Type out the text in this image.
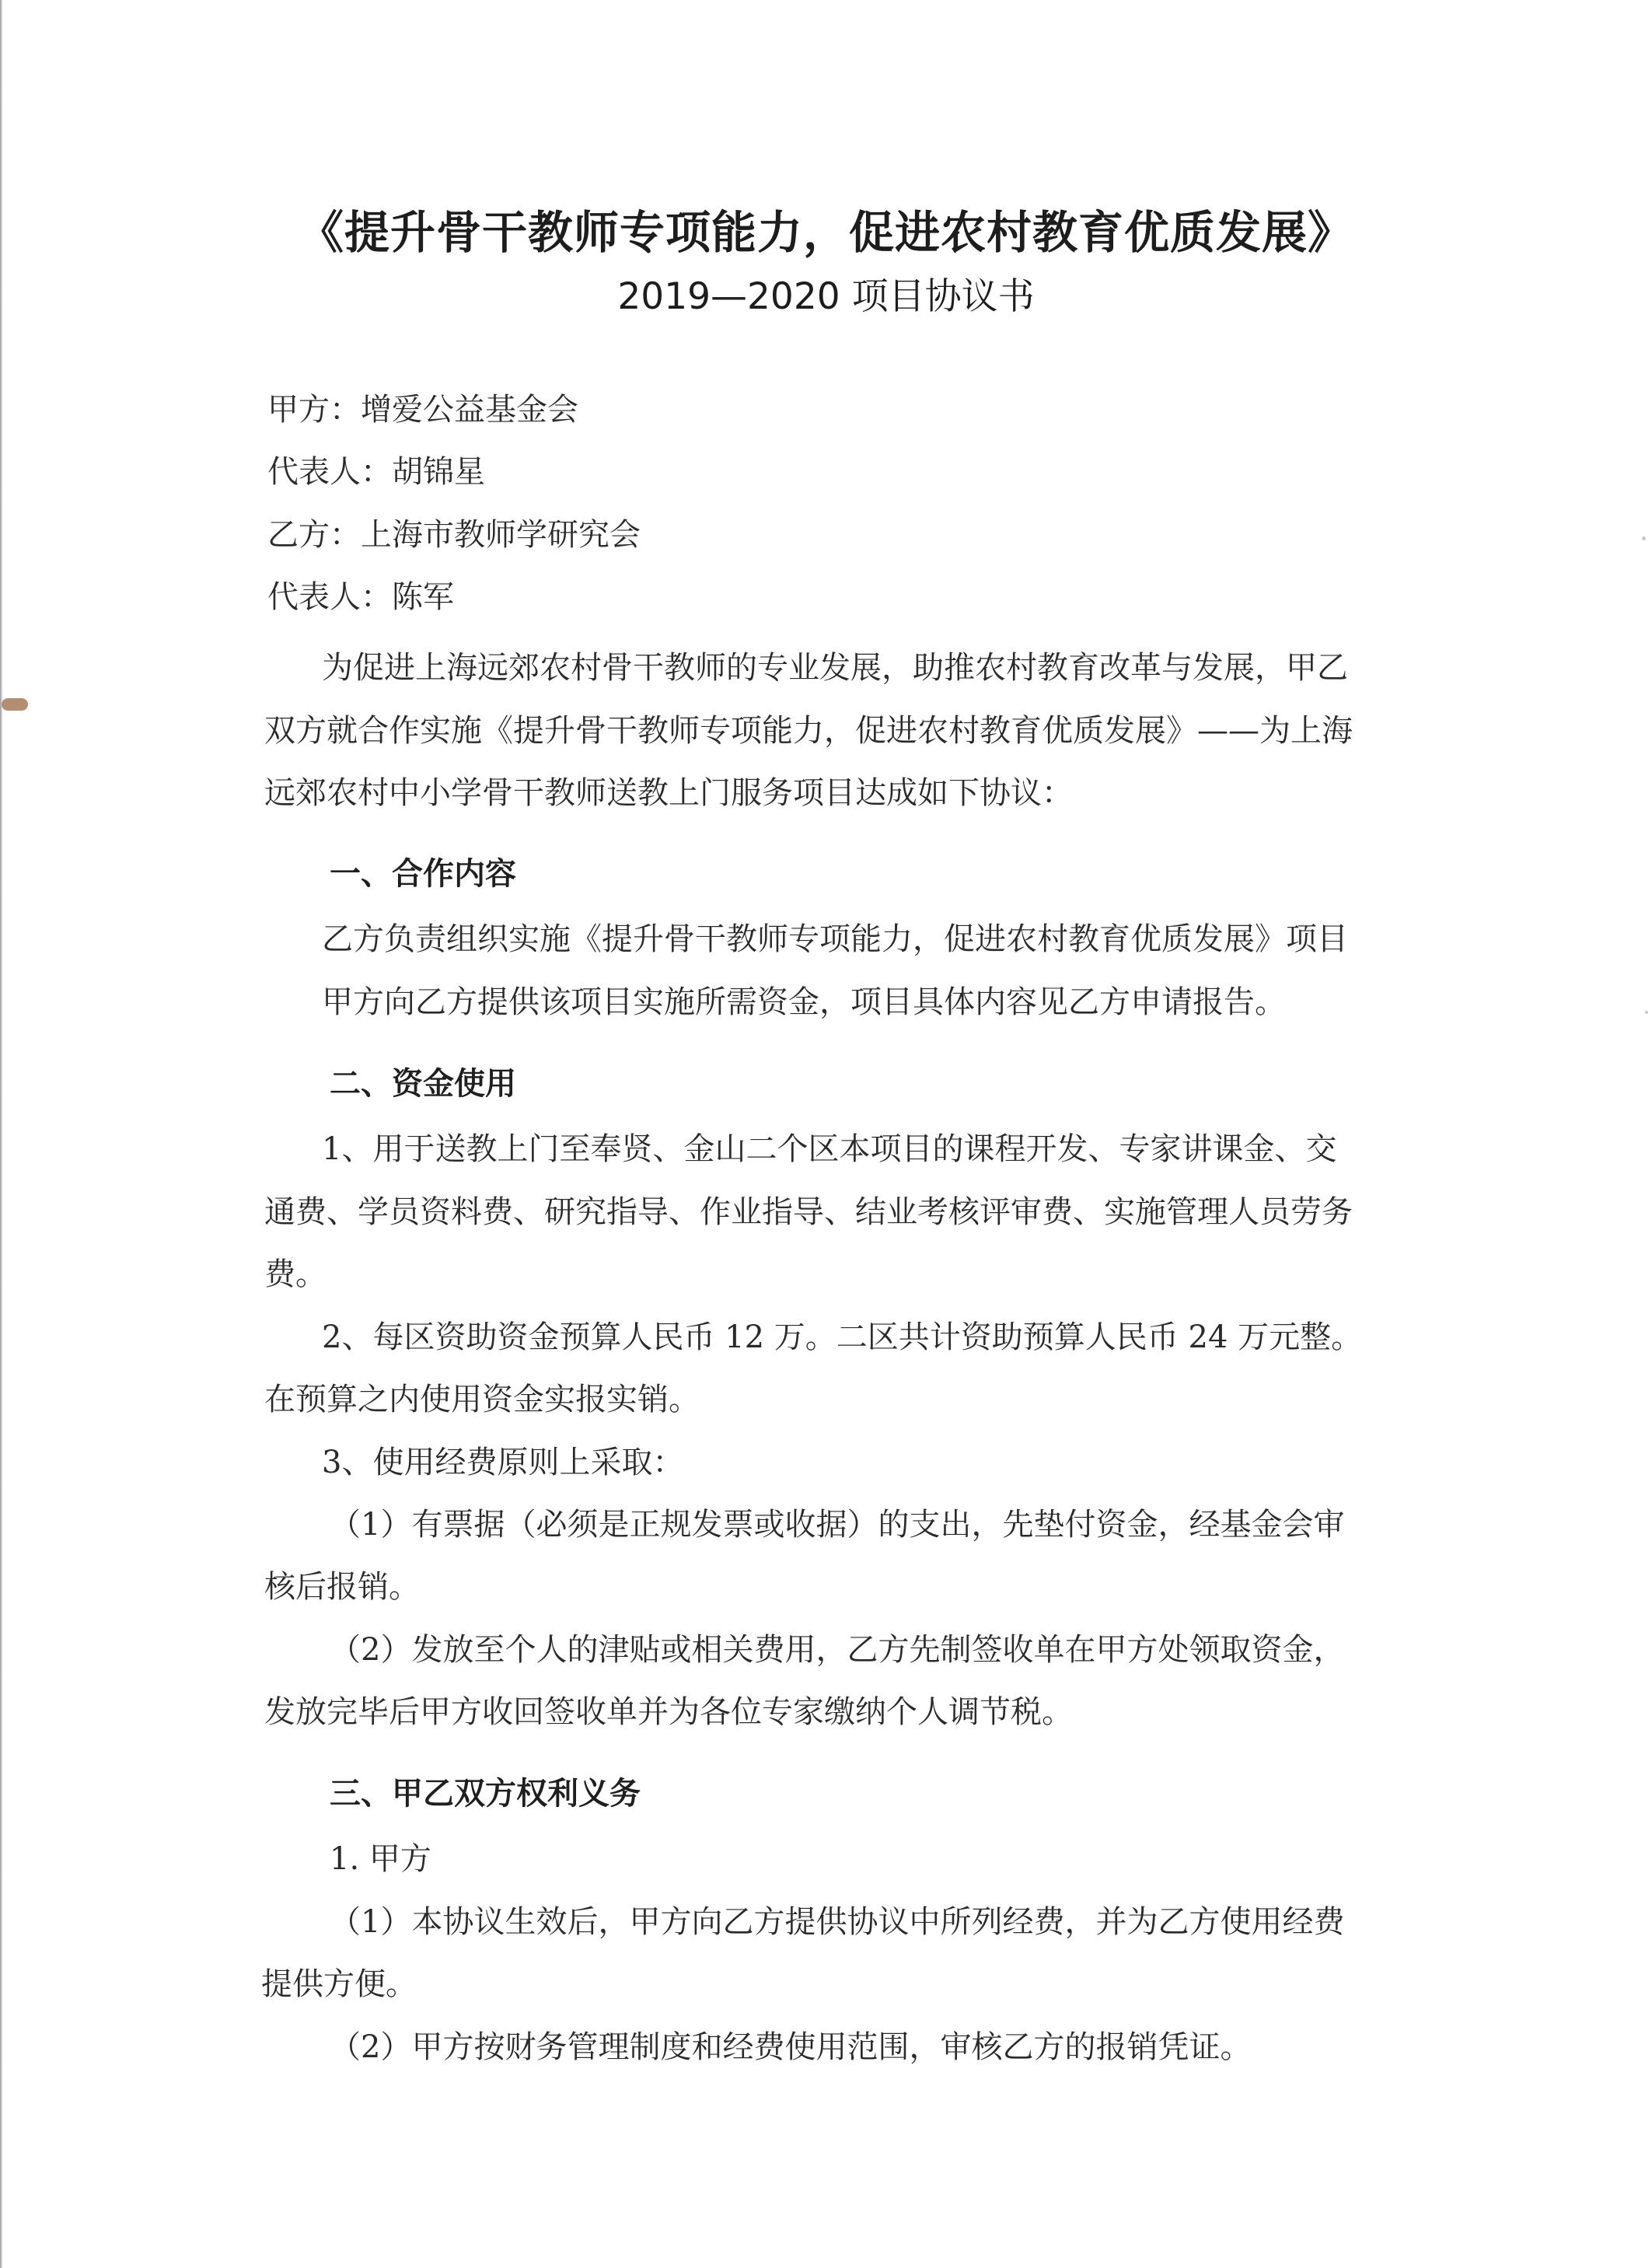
《提升骨干教师专项能力，促进农村教育优质发展》
2019—2020 项目协议书
甲方：增爱公益基金会
代表人：胡锦星
乙方：上海市教师学研究会
代表人：陈军
为促进上海远郊农村骨干教师的专业发展，助推农村教育改革与发展，甲乙
双方就合作实施《提升骨干教师专项能力，促进农村教育优质发展》——为上海
远郊农村中小学骨干教师送教上门服务项目达成如下协议：
一、合作内容
乙方负责组织实施《提升骨干教师专项能力，促进农村教育优质发展》项目
甲方向乙方提供该项目实施所需资金，项目具体内容见乙方申请报告。
二、资金使用
1、用于送教上门至奉贤、金山二个区本项目的课程开发、专家讲课金、交
通费、学员资料费、研究指导、作业指导、结业考核评审费、实施管理人员劳务
费。
2、每区资助资金预算人民币 12 万。二区共计资助预算人民币 24 万元整。
在预算之内使用资金实报实销。
3、使用经费原则上采取：
（1）有票据（必须是正规发票或收据）的支出，先垫付资金，经基金会审
核后报销。
（2）发放至个人的津贴或相关费用，乙方先制签收单在甲方处领取资金，
发放完毕后甲方收回签收单并为各位专家缴纳个人调节税。
三、甲乙双方权利义务
1. 甲方
（1）本协议生效后，甲方向乙方提供协议中所列经费，并为乙方使用经费
提供方便。
（2）甲方按财务管理制度和经费使用范围，审核乙方的报销凭证。
